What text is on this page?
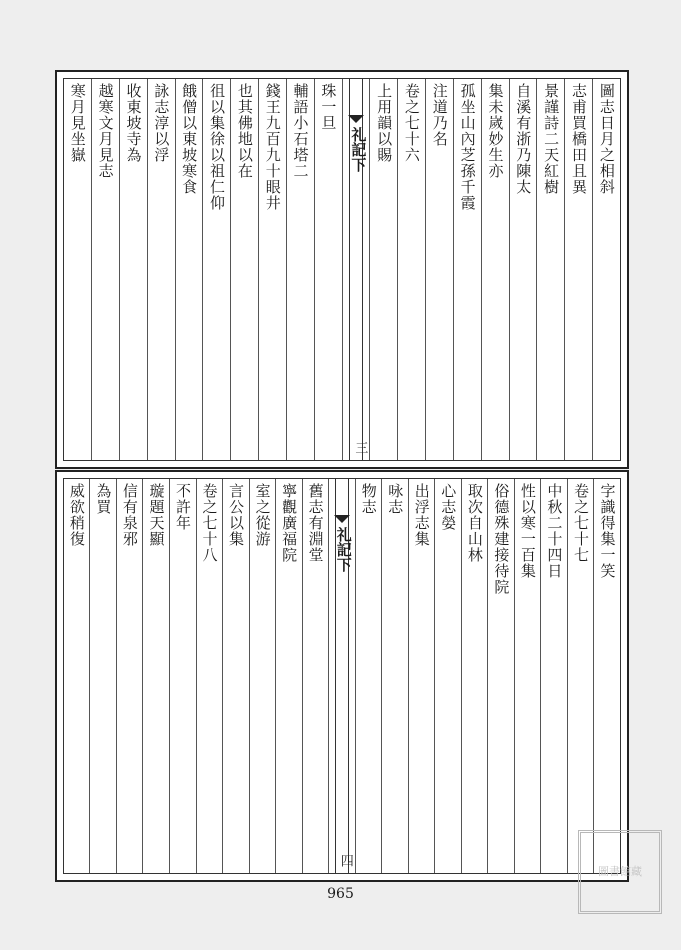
圖志日月之相斜
志甫買橋田且異
景謹詩二天紅樹
自溪有浙乃陳太
集未嵗妙生亦
孤坐山內芝孫千霞
注道乃名
卷之七十六
上用韻以賜
礼記下
三
珠一旦
輔語小石塔二
錢王九百九十眼井
也其佛地以在
徂以集徐以祖仁仰
餓僧以東坡寒食
詠志淳以浮
收東坡寺為
越寒文月見志
寒月見坐嶽
字識得集一笑
卷之七十七
中秋二十四日
性以寒一百集
俗德殊建接待院
取次自山林
心志嫈
出浮志集
咏志
物志
礼記下
四
舊志有淵堂
寧觀廣福院
室之從游
言公以集
卷之七十八
不許年
璇題天顯
信有泉邪
為買
威欲稍復
965
圖書館藏
